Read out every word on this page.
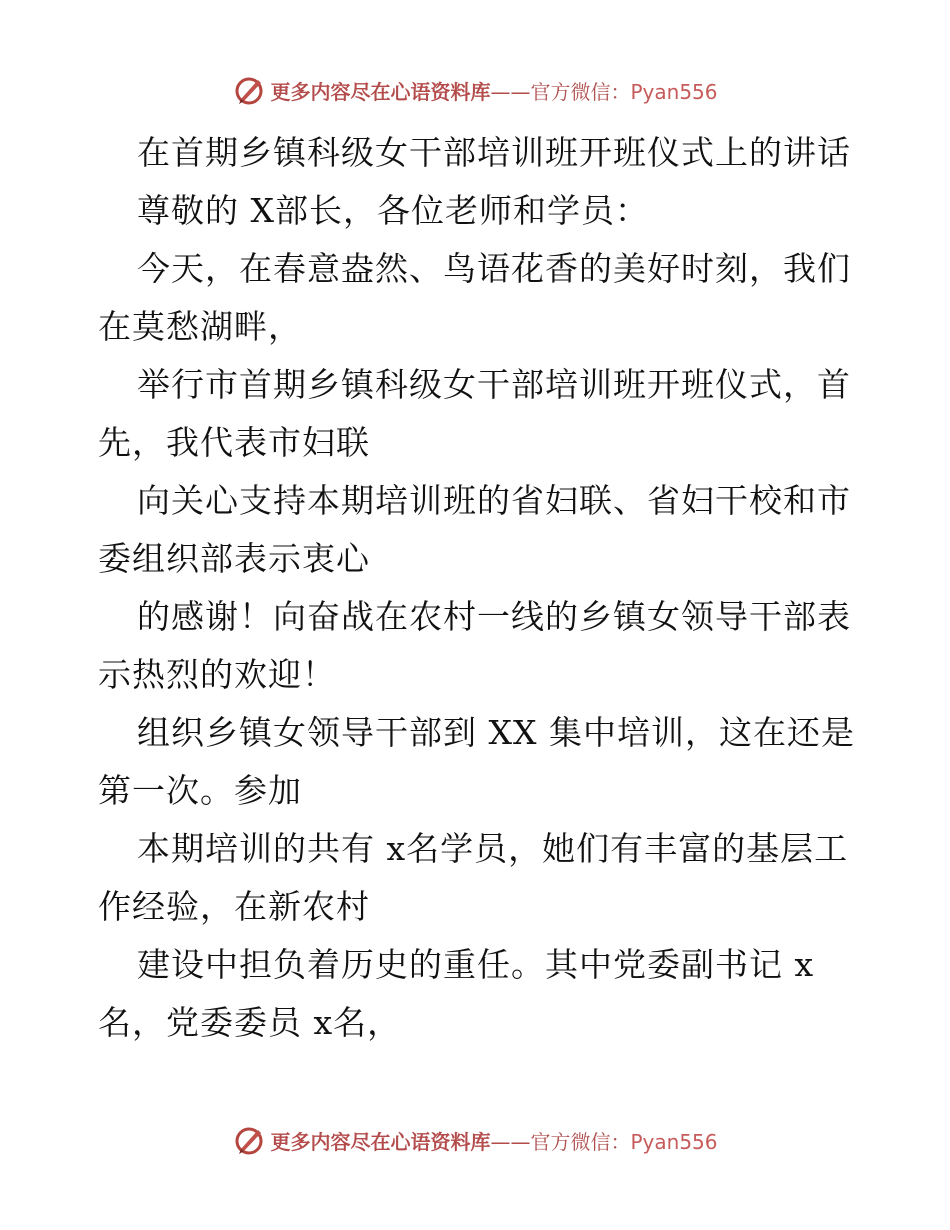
更多内容尽在心语资料库——官方微信：Pyan556

在首期乡镇科级女干部培训班开班仪式上的讲话

尊敬的 X部长，各位老师和学员：

今天，在春意盎然、鸟语花香的美好时刻，我们在莫愁湖畔，

举行市首期乡镇科级女干部培训班开班仪式，首先，我代表市妇联

向关心支持本期培训班的省妇联、省妇干校和市委组织部表示衷心

的感谢！向奋战在农村一线的乡镇女领导干部表示热烈的欢迎！

组织乡镇女领导干部到 XX 集中培训，这在还是第一次。参加

本期培训的共有 x名学员，她们有丰富的基层工作经验，在新农村

建设中担负着历史的重任。其中党委副书记 x名，党委委员 x名，

更多内容尽在心语资料库——官方微信：Pyan556
